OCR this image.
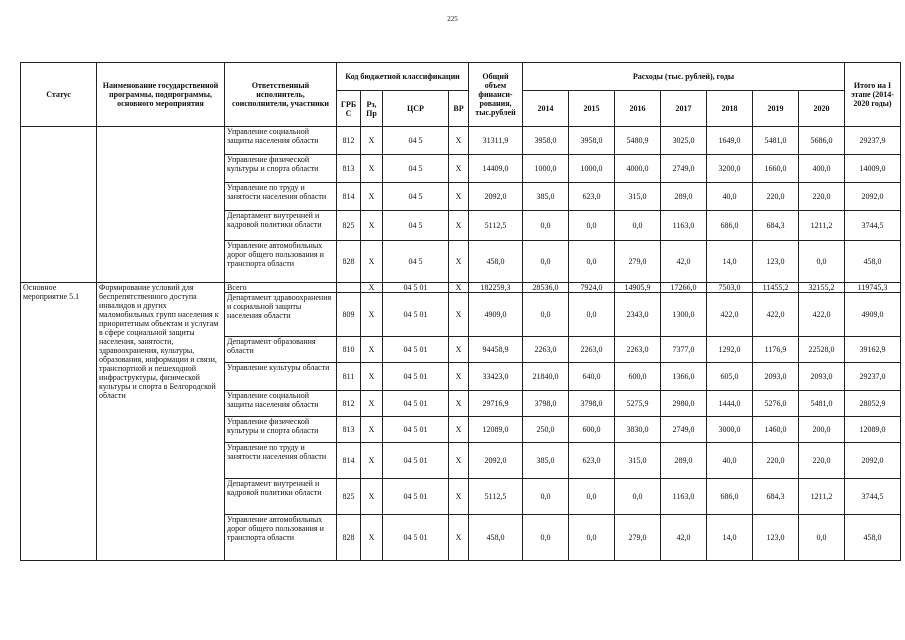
225
Статус	Наименование государственной программы, подпрограммы, основного мероприятия	Ответственный исполнитель, соисполнители, участники	Код бюджетной классификации				Общий объем финанси-рования, тыс.рублей	Расходы (тыс. рублей), годы							Итого на I этапе (2014-2020 годы)
			ГРБ С	Рз, Пр	ЦСР	ВР		2014	2015	2016	2017	2018	2019	2020	
		Управление социальной защиты населения области	812	Х	04 5	Х	31311,9	3958,0	3958,0	5480,9	3025,0	1649,0	5481,0	5686,0	29237,9
		Управление физической культуры и спорта области	813	Х	04 5	Х	14409,0	1000,0	1000,0	4000,0	2749,0	3200,0	1660,0	400,0	14009,0
		Управление по труду и занятости населения области	814	Х	04 5	Х	2092,0	385,0	623,0	315,0	289,0	40,0	220,0	220,0	2092,0
		Департамент внутренней и кадровой политики области	825	Х	04 5	Х	5112,5	0,0	0,0	0,0	1163,0	686,0	684,3	1211,2	3744,5
		Управление автомобильных дорог общего пользования и транспорта области	828	Х	04 5	Х	458,0	0,0	0,0	279,0	42,0	14,0	123,0	0,0	458,0
Основное мероприятие 5.1	Формирование условий для беспрепятственного доступа инвалидов и других маломобильных групп населения к приоритетным объектам и услугам в сфере социальной защиты населения, занятости, здравоохранения, культуры, образования, информации и связи, транспортной и пешеходной инфраструктуры, физической культуры и спорта в Белгородской области	Всего		Х	04 5 01	Х	182259,3	28536,0	7924,0	14905,9	17266,0	7503,0	11455,2	32155,2	119745,3
		Департамент здравоохранения и социальной защиты населения области	809	Х	04 5 01	Х	4909,0	0,0	0,0	2343,0	1300,0	422,0	422,0	422,0	4909,0
		Департамент образования области	810	Х	04 5 01	Х	94458,9	2263,0	2263,0	2263,0	7377,0	1292,0	1176,9	22528,0	39162,9
		Управление культуры области	811	Х	04 5 01	Х	33423,0	21840,0	640,0	600,0	1366,0	605,0	2093,0	2093,0	29237,0
		Управление социальной защиты населения области	812	Х	04 5 01	Х	29716,9	3798,0	3798,0	5275,9	2980,0	1444,0	5276,0	5481,0	28052,9
		Управление физической культуры и спорта области	813	Х	04 5 01	Х	12089,0	250,0	600,0	3830,0	2749,0	3000,0	1460,0	200,0	12089,0
		Управление по труду и занятости населения области	814	Х	04 5 01	Х	2092,0	385,0	623,0	315,0	289,0	40,0	220,0	220,0	2092,0
		Департамент внутренней и кадровой политики области	825	Х	04 5 01	Х	5112,5	0,0	0,0	0,0	1163,0	686,0	684,3	1211,2	3744,5
		Управление автомобильных дорог общего пользования и транспорта области	828	Х	04 5 01	Х	458,0	0,0	0,0	279,0	42,0	14,0	123,0	0,0	458,0
